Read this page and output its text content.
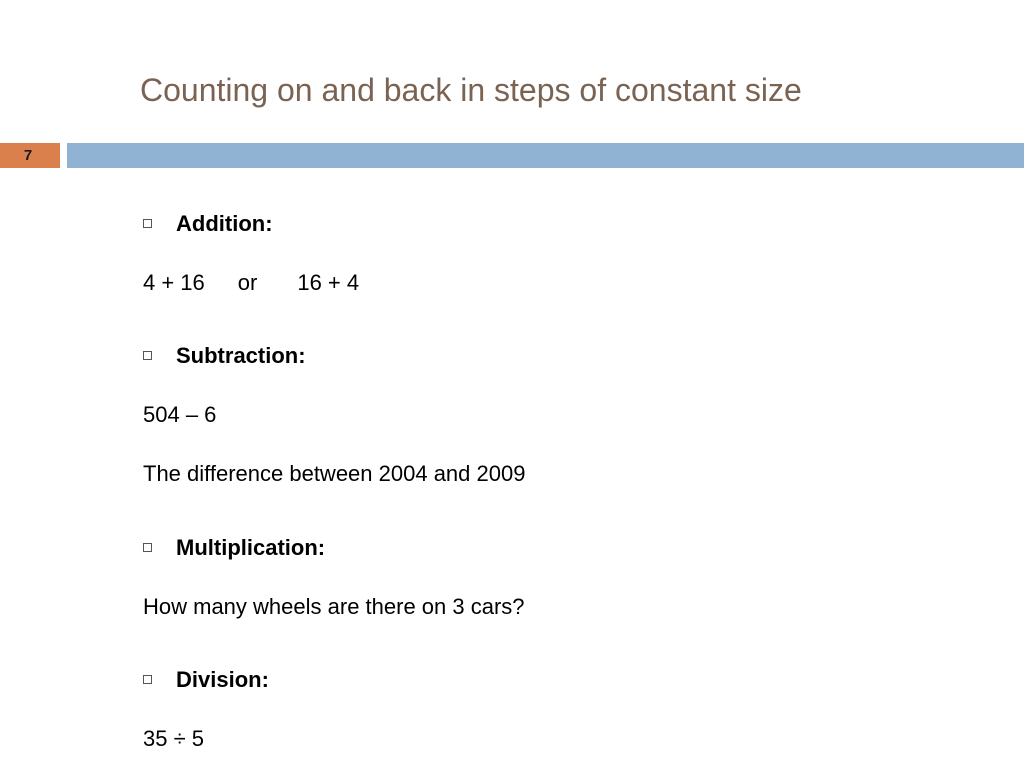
Counting on and back in steps of constant size
7
Addition:
4 + 16 or 16 + 4
Subtraction:
504 – 6
The difference between 2004 and 2009
Multiplication:
How many wheels are there on 3 cars?
Division:
35 ÷ 5
